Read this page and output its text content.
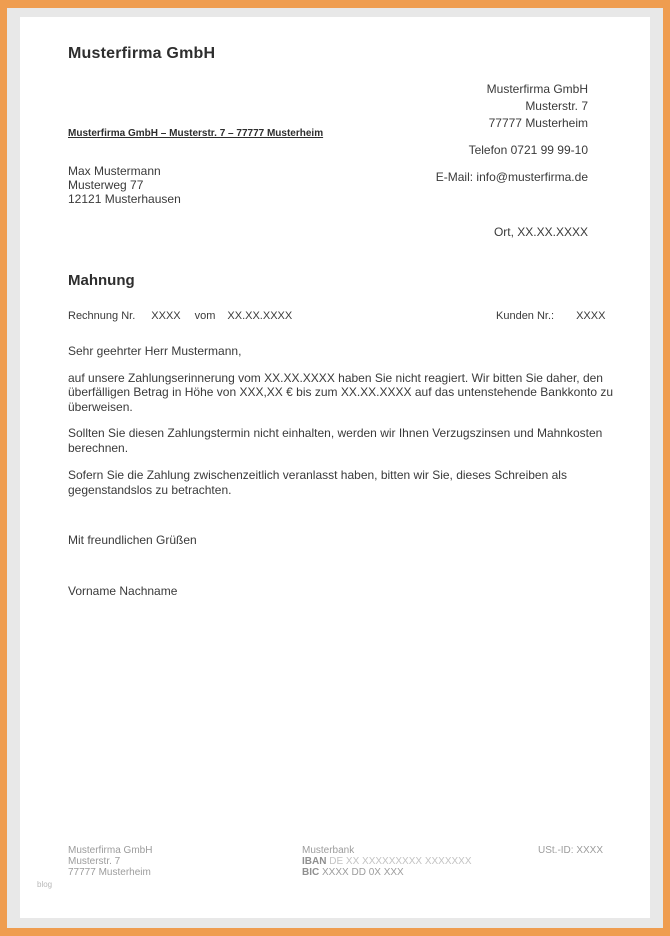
Musterfirma GmbH
Musterfirma GmbH
Musterstr. 7
77777 Musterheim
Telefon 0721 99 99-10
E-Mail: info@musterfirma.de
Musterfirma GmbH – Musterstr. 7 – 77777 Musterheim
Max Mustermann
Musterweg 77
12121 Musterhausen
Ort, XX.XX.XXXX
Mahnung
Rechnung Nr. XXXX vom XX.XX.XXXX	Kunden Nr.: XXXX

Sehr geehrter Herr Mustermann,

auf unsere Zahlungserinnerung vom XX.XX.XXXX haben Sie nicht reagiert. Wir bitten Sie daher, den überfälligen Betrag in Höhe von XXX,XX € bis zum XX.XX.XXXX auf das untenstehende Bankkonto zu überweisen.

Sollten Sie diesen Zahlungstermin nicht einhalten, werden wir Ihnen Verzugszinsen und Mahnkosten berechnen.

Sofern Sie die Zahlung zwischenzeitlich veranlasst haben, bitten wir Sie, dieses Schreiben als gegenstandslos zu betrachten.

Mit freundlichen Grüßen

Vorname Nachname

Musterfirma GmbH
Musterstr. 7
77777 Musterheim
Musterbank
IBAN DE XX XXXXXXXXX XXXXXXX
BIC XXXX DD 0X XXX
USt.-ID: XXXX
blog
